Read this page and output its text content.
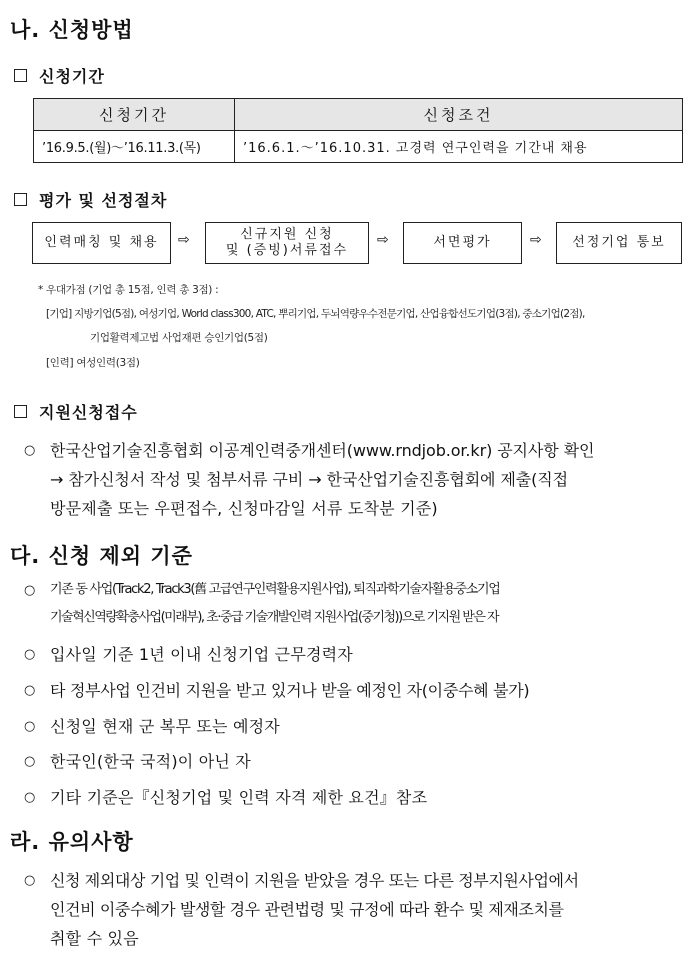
나. 신청방법
신청기간
신청기간	신청조건
’16.9.5.(월)～’16.11.3.(목)	’16.6.1.～’16.10.31. 고경력 연구인력을 기간내 채용
평가 및 선정절차
인력매칭 및 채용 ⇨	신규지원 신청
및 (증빙)서류접수
⇨	서면평가	⇨ 선정기업 통보
* 우대가점 (기업 총 15점, 인력 총 3점) :
[기업] 지방기업(5점), 여성기업, World class300, ATC, 뿌리기업, 두뇌역량우수전문기업, 산업융합선도기업(3점), 중소기업(2점),
기업활력제고법 사업재편 승인기업(5점)
[인력] 여성인력(3점)
지원신청접수
○ 한국산업기술진흥협회 이공계인력중개센터(www.rndjob.or.kr) 공지사항 확인
→ 참가신청서 작성 및 첨부서류 구비 → 한국산업기술진흥협회에 제출(직접
방문제출 또는 우편접수, 신청마감일 서류 도착분 기준)
다. 신청 제외 기준
○ 기존 동 사업(Track2, Track3(舊 고급연구인력활용지원사업), 퇴직과학기술자활용중소기업
기술혁신역량확충사업(미래부), 초·중급 기술개발인력 지원사업(중기청))으로 기지원 받은 자
○ 입사일 기준 1년 이내 신청기업 근무경력자
○ 타 정부사업 인건비 지원을 받고 있거나 받을 예정인 자(이중수혜 불가)
○ 신청일 현재 군 복무 또는 예정자
○ 한국인(한국 국적)이 아닌 자
○ 기타 기준은『신청기업 및 인력 자격 제한 요건』참조
라. 유의사항
○ 신청 제외대상 기업 및 인력이 지원을 받았을 경우 또는 다른 정부지원사업에서
인건비 이중수혜가 발생할 경우 관련법령 및 규정에 따라 환수 및 제재조치를
취할 수 있음
